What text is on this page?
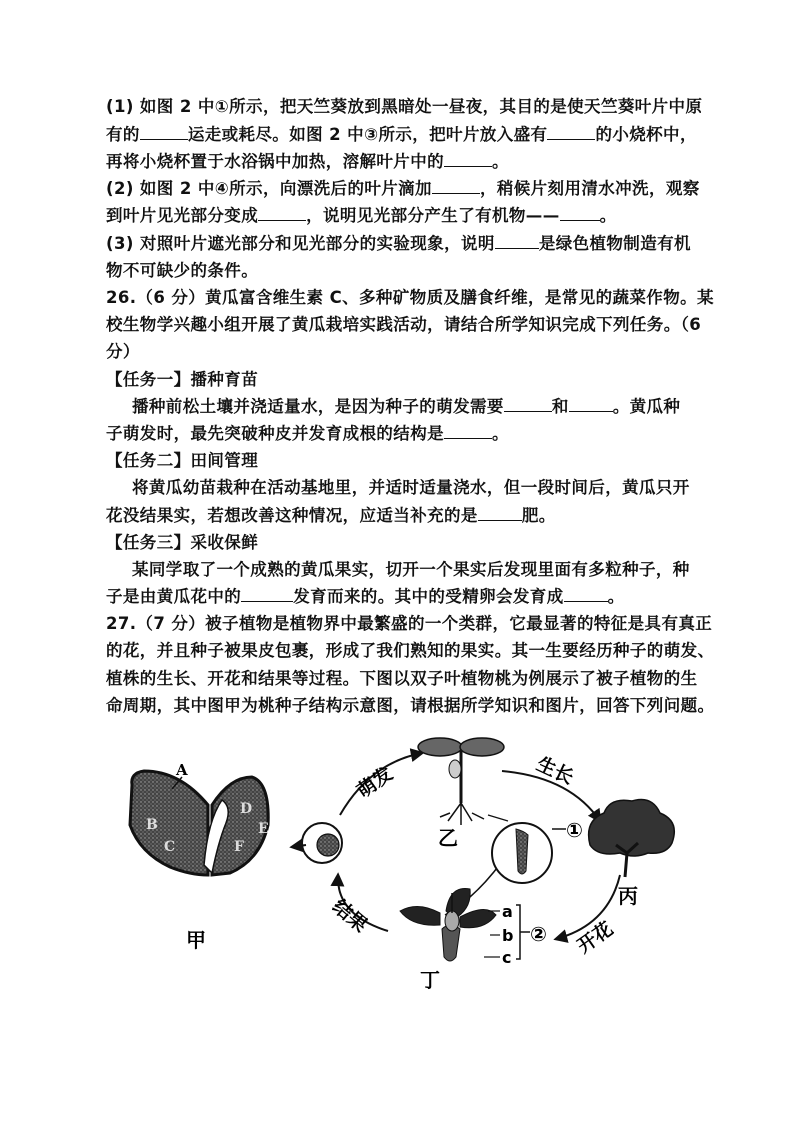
(1) 如图 2 中①所示，把天竺葵放到黑暗处一昼夜，其目的是使天竺葵叶片中原
有的	运走或耗尽。如图 2 中③所示，把叶片放入盛有	的小烧杯中，
再将小烧杯置于水浴锅中加热，溶解叶片中的	。
(2) 如图 2 中④所示，向漂洗后的叶片滴加	，稍候片刻用清水冲洗，观察
到叶片见光部分变成	，说明见光部分产生了有机物—— 。
(3) 对照叶片遮光部分和见光部分的实验现象，说明	是绿色植物制造有机
物不可缺少的条件。
26.（6 分）黄瓜富含维生素 C、多种矿物质及膳食纤维，是常见的蔬菜作物。某
校生物学兴趣小组开展了黄瓜栽培实践活动，请结合所学知识完成下列任务。（6
分）
【任务一】播种育苗
播种前松土壤并浇适量水，是因为种子的萌发需要	和	。黄瓜种
子萌发时，最先突破种皮并发育成根的结构是	。
【任务二】田间管理
将黄瓜幼苗栽种在活动基地里，并适时适量浇水，但一段时间后，黄瓜只开
花没结果实，若想改善这种情况，应适当补充的是	肥。
【任务三】采收保鲜
某同学取了一个成熟的黄瓜果实，切开一个果实后发现里面有多粒种子，种
子是由黄瓜花中的	发育而来的。其中的受精卵会发育成	。
27.（7 分）被子植物是植物界中最繁盛的一个类群，它最显著的特征是具有真正
的花，并且种子被果皮包裹，形成了我们熟知的果实。其一生要经历种子的萌发、
植株的生长、开花和结果等过程。下图以双子叶植物桃为例展示了被子植物的生
命周期，其中图甲为桃种子结构示意图，请根据所学知识和图片，回答下列问题。
A
B
C
D
E
F
甲
萌发	生长
开花
结果
乙	①
丙
丁
a
b
c
②
